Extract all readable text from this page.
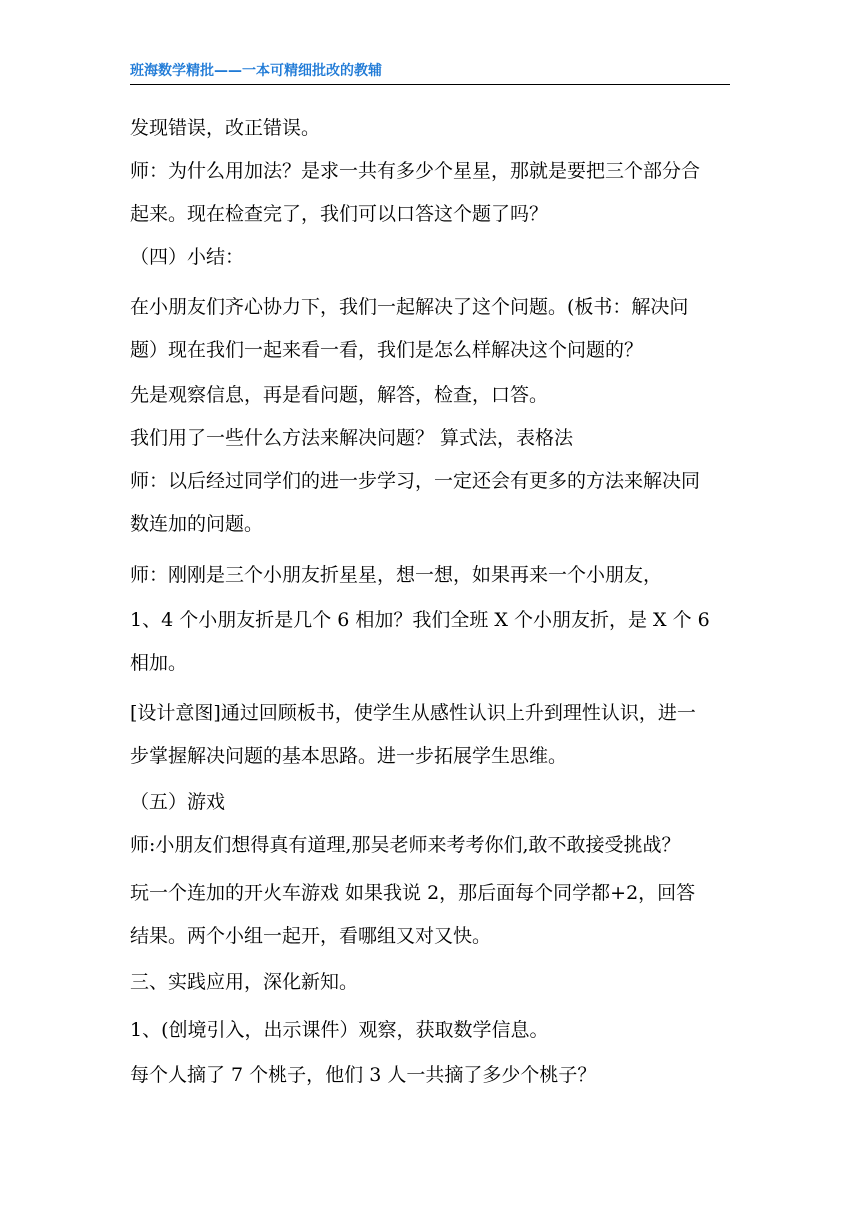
班海数学精批——一本可精细批改的教辅
发现错误，改正错误。
师：为什么用加法？是求一共有多少个星星，那就是要把三个部分合
起来。现在检查完了，我们可以口答这个题了吗？
（四）小结：
在小朋友们齐心协力下，我们一起解决了这个问题。(板书：解决问
题）现在我们一起来看一看，我们是怎么样解决这个问题的？
先是观察信息，再是看问题，解答，检查，口答。
我们用了一些什么方法来解决问题？ 算式法，表格法
师：以后经过同学们的进一步学习，一定还会有更多的方法来解决同
数连加的问题。
师：刚刚是三个小朋友折星星，想一想，如果再来一个小朋友，
1、4 个小朋友折是几个 6 相加？我们全班 X 个小朋友折，是 X 个 6
相加。
[设计意图]通过回顾板书，使学生从感性认识上升到理性认识，进一
步掌握解决问题的基本思路。进一步拓展学生思维。
（五）游戏
师:小朋友们想得真有道理,那吴老师来考考你们,敢不敢接受挑战？
玩一个连加的开火车游戏 如果我说 2，那后面每个同学都+2，回答
结果。两个小组一起开，看哪组又对又快。
三、实践应用，深化新知。
1、(创境引入，出示课件）观察，获取数学信息。
每个人摘了 7 个桃子，他们 3 人一共摘了多少个桃子？
